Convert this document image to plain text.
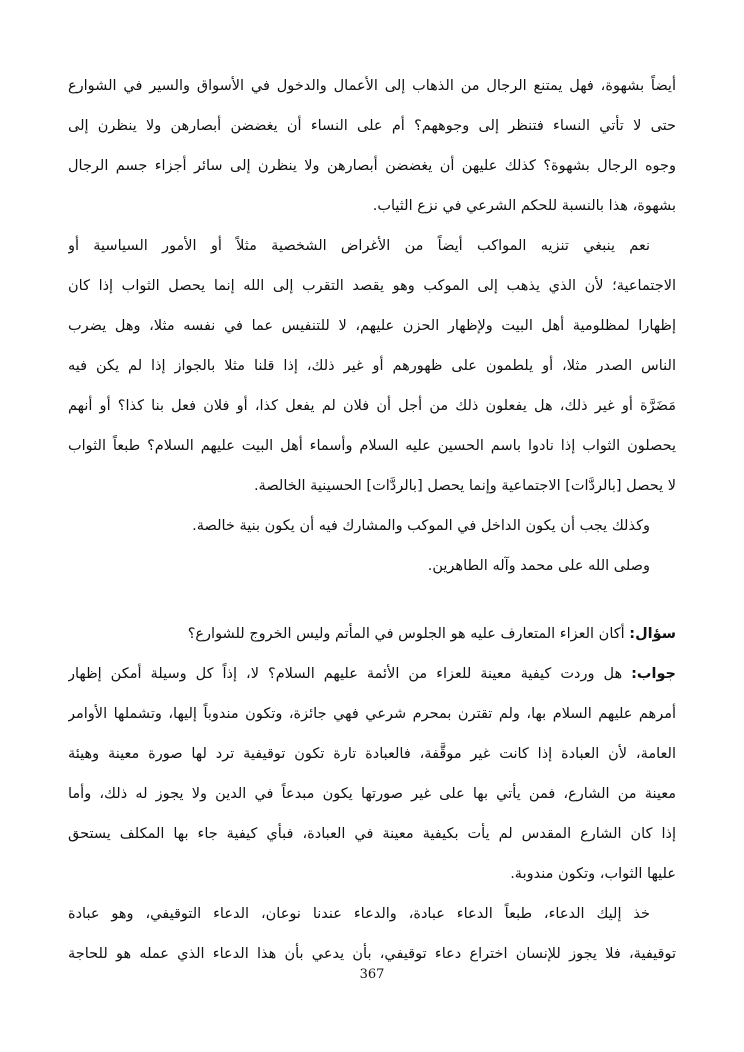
أيضاً بشهوة، فهل يمتنع الرجال من الذهاب إلى الأعمال والدخول في الأسواق والسير في الشوارع
حتى لا تأتي النساء فتنظر إلى وجوههم؟ أم على النساء أن يغضضن أبصارهن ولا ينظرن إلى
وجوه الرجال بشهوة؟ كذلك عليهن أن يغضضن أبصارهن ولا ينظرن إلى سائر أجزاء جسم الرجال
بشهوة، هذا بالنسبة للحكم الشرعي في نزع الثياب.
نعم ينبغي تنزيه المواكب أيضاً من الأغراض الشخصية مثلاً أو الأمور السياسية أو
الاجتماعية؛ لأن الذي يذهب إلى الموكب وهو يقصد التقرب إلى الله إنما يحصل الثواب إذا كان
إظهارا لمظلومية أهل البيت ولإظهار الحزن عليهم، لا للتنفيس عما في نفسه مثلا، وهل يضرب
الناس الصدر مثلا، أو يلطمون على ظهورهم أو غير ذلك، إذا قلنا مثلا بالجواز إذا لم يكن فيه
مَضَرَّة أو غير ذلك، هل يفعلون ذلك من أجل أن فلان لم يفعل كذا، أو فلان فعل بنا كذا؟ أو أنهم
يحصلون الثواب إذا نادوا باسم الحسين عليه السلام وأسماء أهل البيت عليهم السلام؟ طبعاً الثواب
لا يحصل [بالردَّات] الاجتماعية وإنما يحصل [بالردَّات] الحسينية الخالصة.
وكذلك يجب أن يكون الداخل في الموكب والمشارك فيه أن يكون بنية خالصة.
وصلى الله على محمد وآله الطاهرين.
سؤال: أكان العزاء المتعارف عليه هو الجلوس في المأتم وليس الخروج للشوارع؟
جواب: هل وردت كيفية معينة للعزاء من الأئمة عليهم السلام؟ لا، إذاً كل وسيلة أمكن إظهار
أمرهم عليهم السلام بها، ولم تقترن بمحرم شرعي فهي جائزة، وتكون مندوباً إليها، وتشملها الأوامر
العامة، لأن العبادة إذا كانت غير موقَّفة، فالعبادة تارة تكون توقيفية ترد لها صورة معينة وهيئة
معينة من الشارع، فمن يأتي بها على غير صورتها يكون مبدعاً في الدين ولا يجوز له ذلك، وأما
إذا كان الشارع المقدس لم يأت بكيفية معينة في العبادة، فبأي كيفية جاء بها المكلف يستحق
عليها الثواب، وتكون مندوبة.
خذ إليك الدعاء، طبعاً الدعاء عبادة، والدعاء عندنا نوعان، الدعاء التوقيفي، وهو عبادة
توقيفية، فلا يجوز للإنسان اختراع دعاء توقيفي، بأن يدعي بأن هذا الدعاء الذي عمله هو للحاجة
367
